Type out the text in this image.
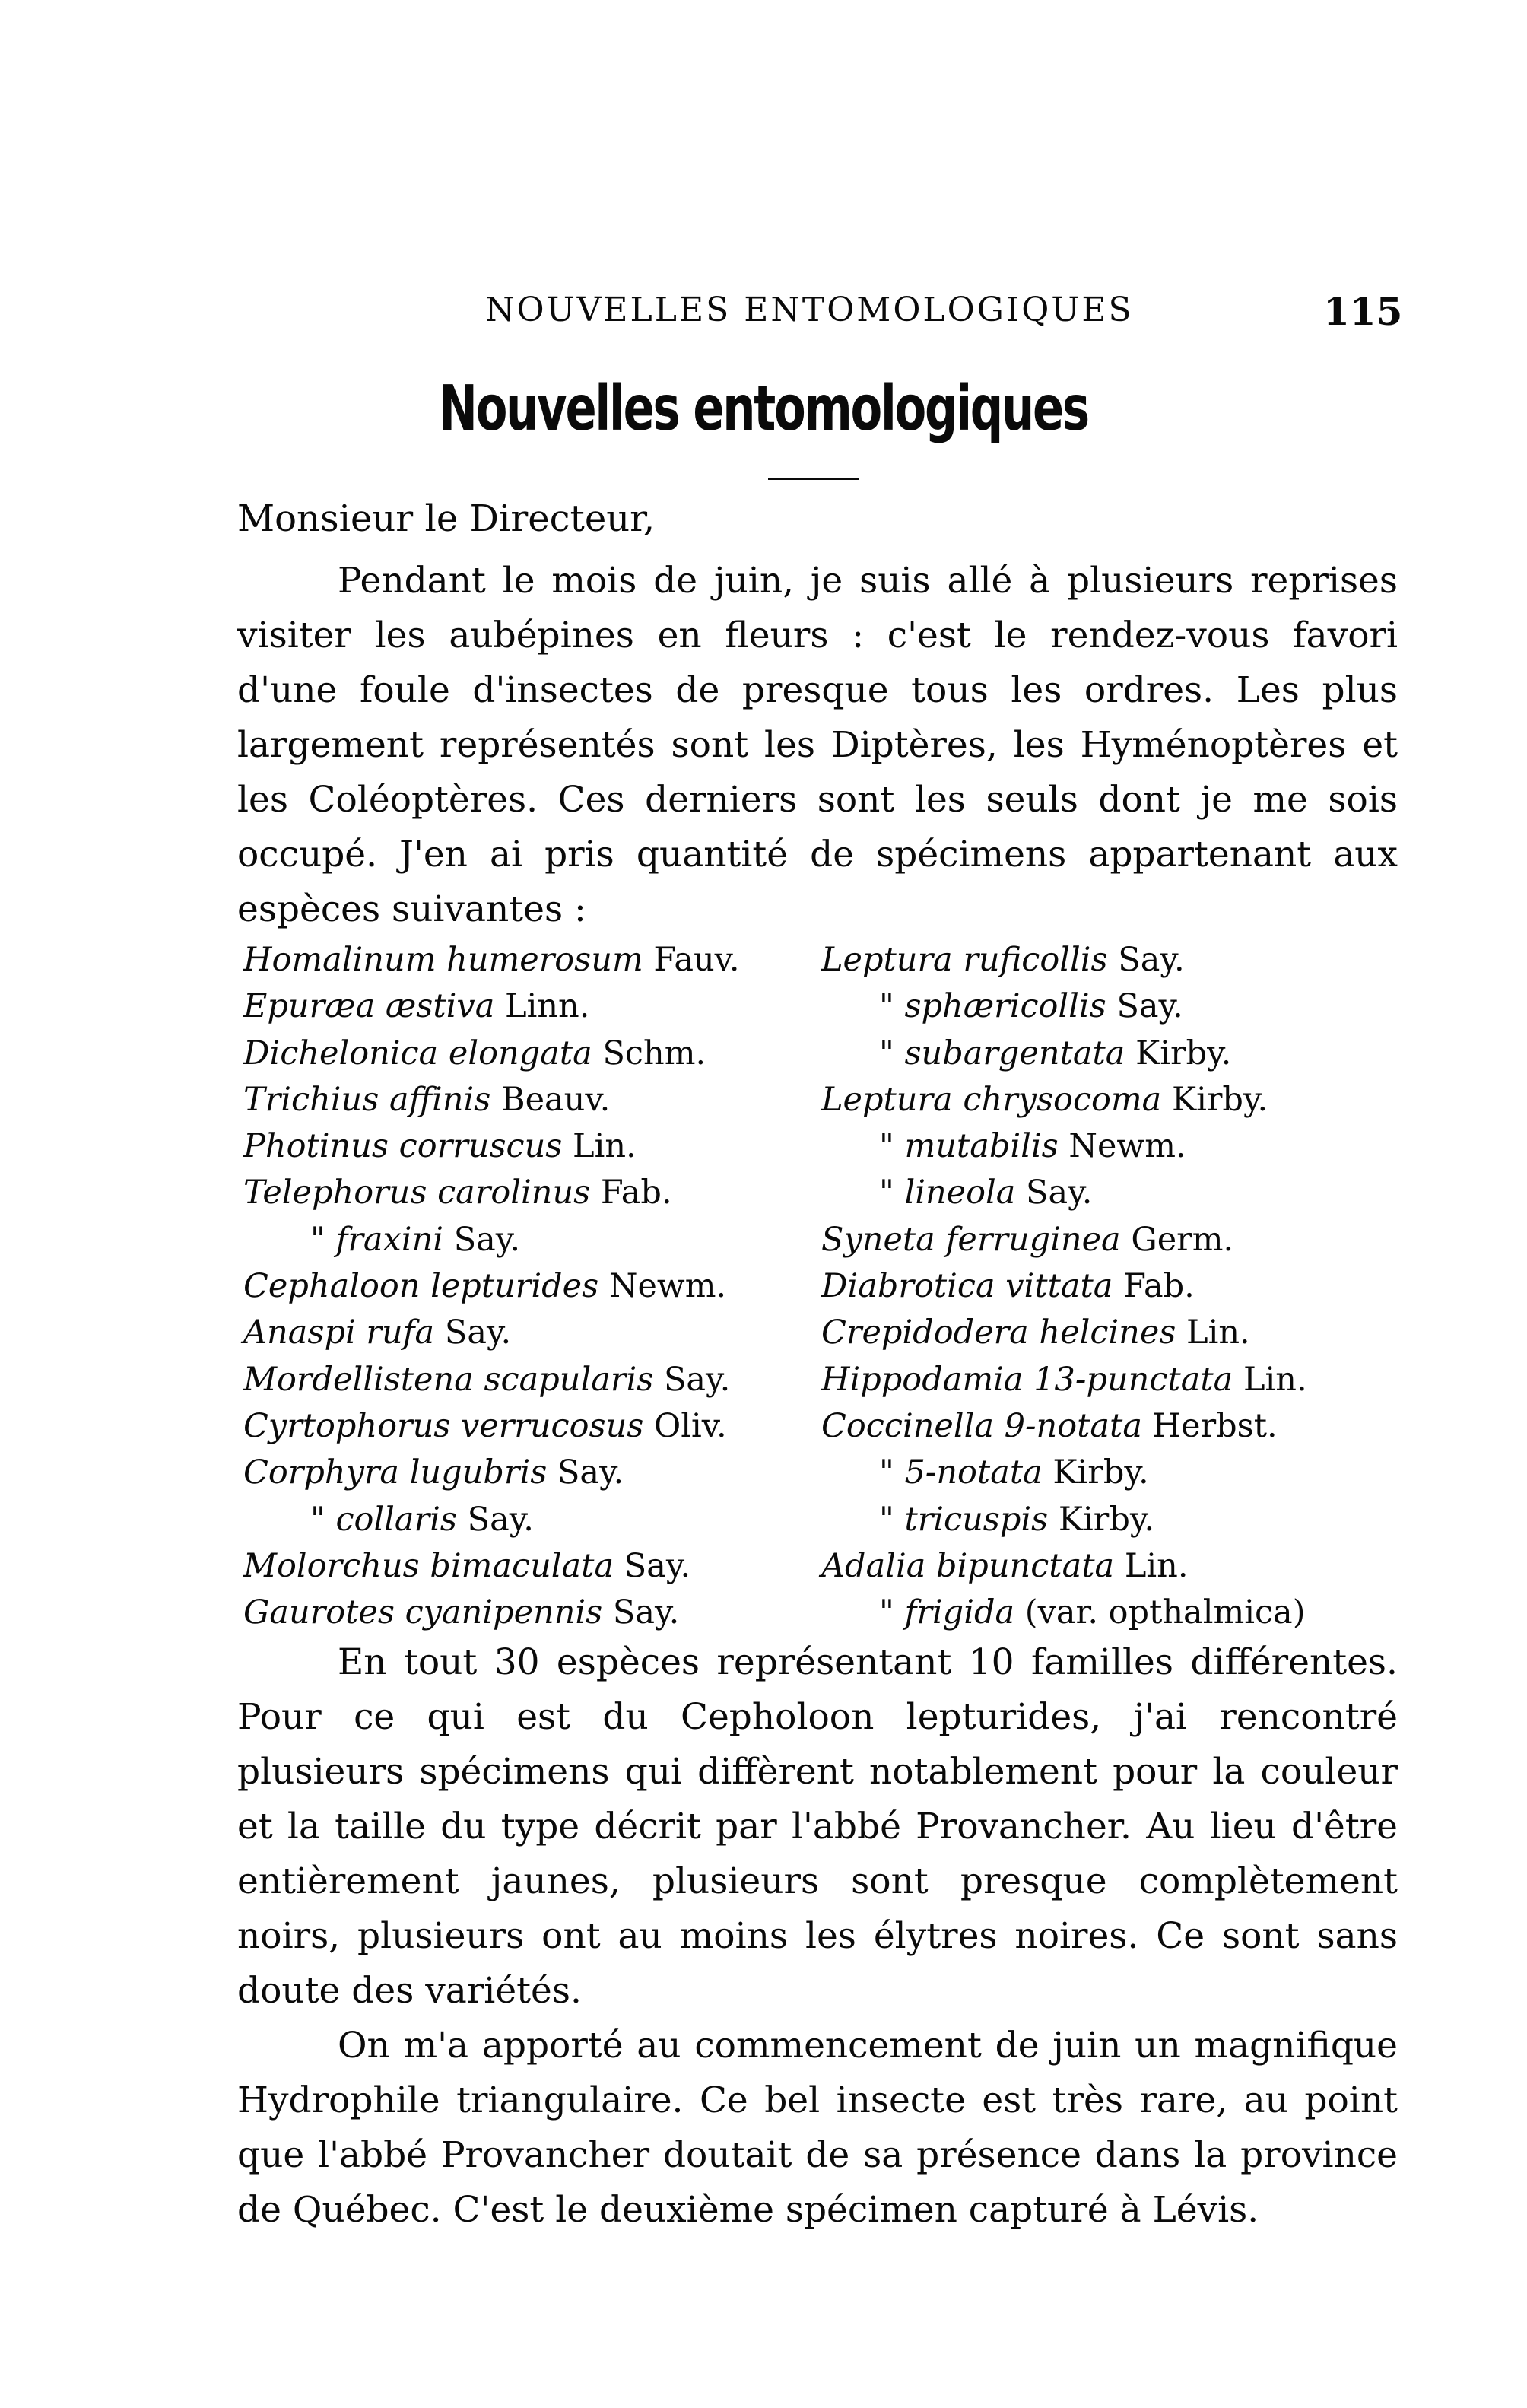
NOUVELLES ENTOMOLOGIQUES	115
Nouvelles entomologiques
Monsieur le Directeur,

Pendant le mois de juin, je suis allé à plusieurs reprises visiter les aubépines en fleurs : c'est le rendez-vous favori d'une foule d'insectes de presque tous les ordres. Les plus largement représentés sont les Diptères, les Hyménoptères et les Coléoptères. Ces derniers sont les seuls dont je me sois occupé. J'en ai pris quantité de spécimens appartenant aux espèces suivantes :

Homalinum humerosum Fauv.
Epuræa æstiva Linn.
Dichelonica elongata Schm.
Trichius affinis Beauv.
Photinus corruscus Lin.
Telephorus carolinus Fab.
" fraxini Say.
Cephaloon lepturides Newm.
Anaspi rufa Say.
Mordellistena scapularis Say.
Cyrtophorus verrucosus Oliv.
Corphyra lugubris Say.
" collaris Say.
Molorchus bimaculata Say.
Gaurotes cyanipennis Say.
Leptura ruficollis Say.
" sphæricollis Say.
" subargentata Kirby.
Leptura chrysocoma Kirby.
" mutabilis Newm.
" lineola Say.
Syneta ferruginea Germ.
Diabrotica vittata Fab.
Crepidodera helcines Lin.
Hippodamia 13-punctata Lin.
Coccinella 9-notata Herbst.
" 5-notata Kirby.
" tricuspis Kirby.
Adalia bipunctata Lin.
" frigida (var. opthalmica)

En tout 30 espèces représentant 10 familles différentes. Pour ce qui est du Cepholoon lepturides, j'ai rencontré plusieurs spécimens qui diffèrent notablement pour la couleur et la taille du type décrit par l'abbé Provancher. Au lieu d'être entièrement jaunes, plusieurs sont presque complètement noirs, plusieurs ont au moins les élytres noires. Ce sont sans doute des variétés.

On m'a apporté au commencement de juin un magnifique Hydrophile triangulaire. Ce bel insecte est très rare, au point que l'abbé Provancher doutait de sa présence dans la province de Québec. C'est le deuxième spécimen capturé à Lévis.
